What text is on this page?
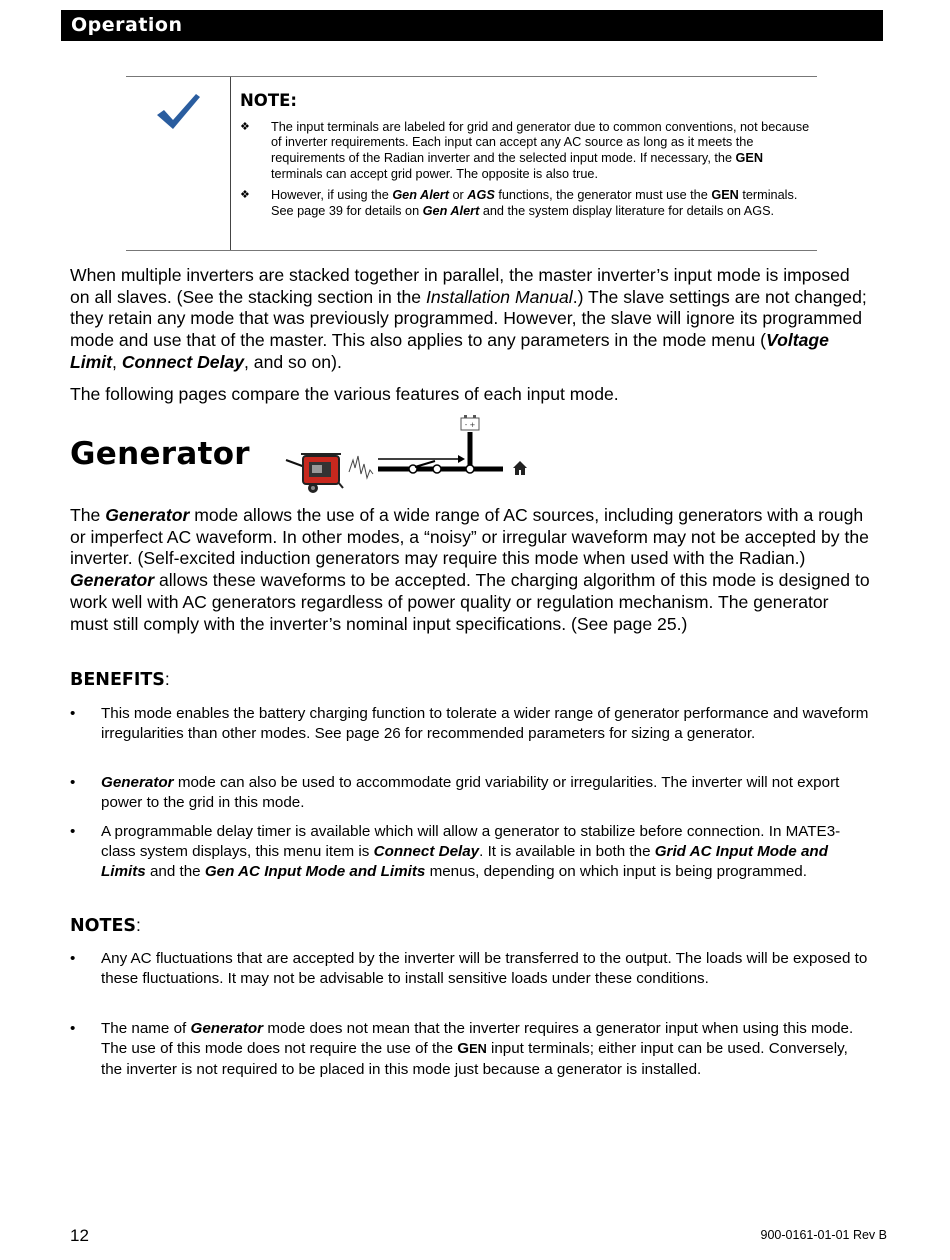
Operation
NOTE:
❖ The input terminals are labeled for grid and generator due to common conventions, not because of inverter requirements. Each input can accept any AC source as long as it meets the requirements of the Radian inverter and the selected input mode. If necessary, the GEN terminals can accept grid power. The opposite is also true.
❖ However, if using the Gen Alert or AGS functions, the generator must use the GEN terminals. See page 39 for details on Gen Alert and the system display literature for details on AGS.
When multiple inverters are stacked together in parallel, the master inverter’s input mode is imposed on all slaves. (See the stacking section in the Installation Manual.) The slave settings are not changed; they retain any mode that was previously programmed. However, the slave will ignore its programmed mode and use that of the master. This also applies to any parameters in the mode menu (Voltage Limit, Connect Delay, and so on).
The following pages compare the various features of each input mode.
Generator
- +
The Generator mode allows the use of a wide range of AC sources, including generators with a rough or imperfect AC waveform. In other modes, a “noisy” or irregular waveform may not be accepted by the inverter. (Self-excited induction generators may require this mode when used with the Radian.) Generator allows these waveforms to be accepted. The charging algorithm of this mode is designed to work well with AC generators regardless of power quality or regulation mechanism. The generator must still comply with the inverter’s nominal input specifications. (See page 25.)
BENEFITS:
• This mode enables the battery charging function to tolerate a wider range of generator performance and waveform irregularities than other modes. See page 26 for recommended parameters for sizing a generator.
• Generator mode can also be used to accommodate grid variability or irregularities. The inverter will not export power to the grid in this mode.
• A programmable delay timer is available which will allow a generator to stabilize before connection. In MATE3-class system displays, this menu item is Connect Delay. It is available in both the Grid AC Input Mode and Limits and the Gen AC Input Mode and Limits menus, depending on which input is being programmed.
NOTES:
• Any AC fluctuations that are accepted by the inverter will be transferred to the output. The loads will be exposed to these fluctuations. It may not be advisable to install sensitive loads under these conditions.
• The name of Generator mode does not mean that the inverter requires a generator input when using this mode. The use of this mode does not require the use of the GEN input terminals; either input can be used. Conversely, the inverter is not required to be placed in this mode just because a generator is installed.
12	900-0161-01-01 Rev B
